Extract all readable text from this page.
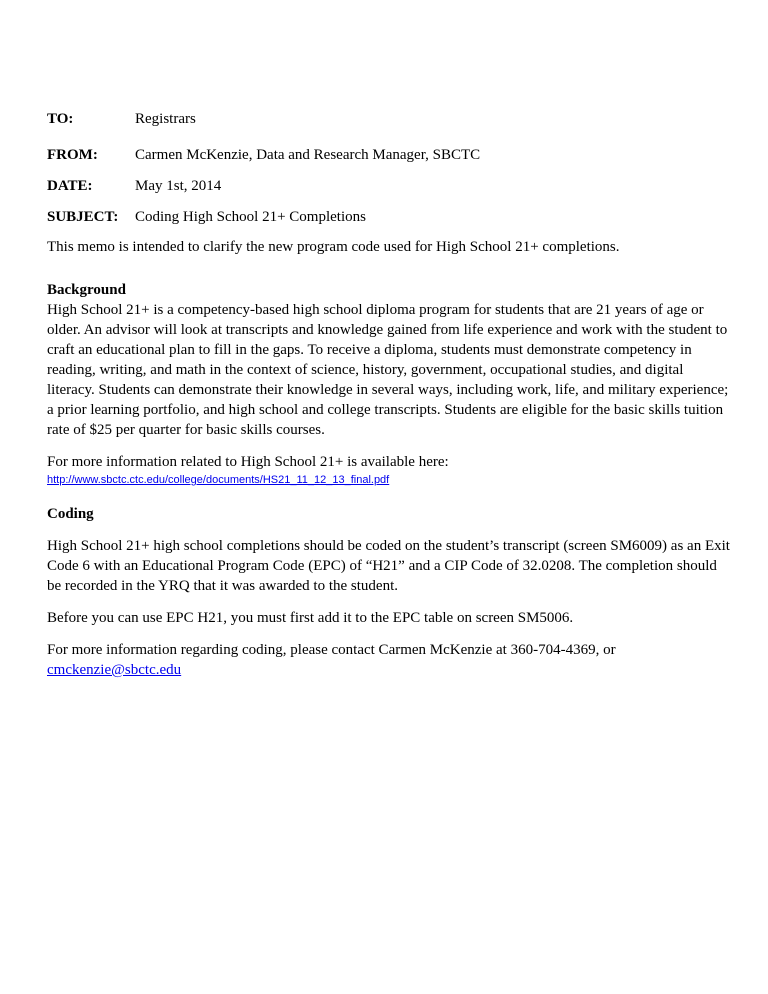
TO:	Registrars
FROM:	Carmen McKenzie, Data and Research Manager, SBCTC
DATE:	May 1st, 2014
SUBJECT:	Coding High School 21+ Completions
This memo is intended to clarify the new program code used for High School 21+ completions.
Background
High School 21+ is a competency-based high school diploma program for students that are 21 years of age or older. An advisor will look at transcripts and knowledge gained from life experience and work with the student to craft an educational plan to fill in the gaps. To receive a diploma, students must demonstrate competency in reading, writing, and math in the context of science, history, government, occupational studies, and digital literacy. Students can demonstrate their knowledge in several ways, including work, life, and military experience; a prior learning portfolio, and high school and college transcripts. Students are eligible for the basic skills tuition rate of $25 per quarter for basic skills courses.
For more information related to High School 21+ is available here:
http://www.sbctc.ctc.edu/college/documents/HS21_11_12_13_final.pdf
Coding
High School 21+ high school completions should be coded on the student’s transcript (screen SM6009) as an Exit Code 6 with an Educational Program Code (EPC) of “H21” and a CIP Code of 32.0208. The completion should be recorded in the YRQ that it was awarded to the student.
Before you can use EPC H21, you must first add it to the EPC table on screen SM5006.
For more information regarding coding, please contact Carmen McKenzie at 360-704-4369, or
cmckenzie@sbctc.edu
